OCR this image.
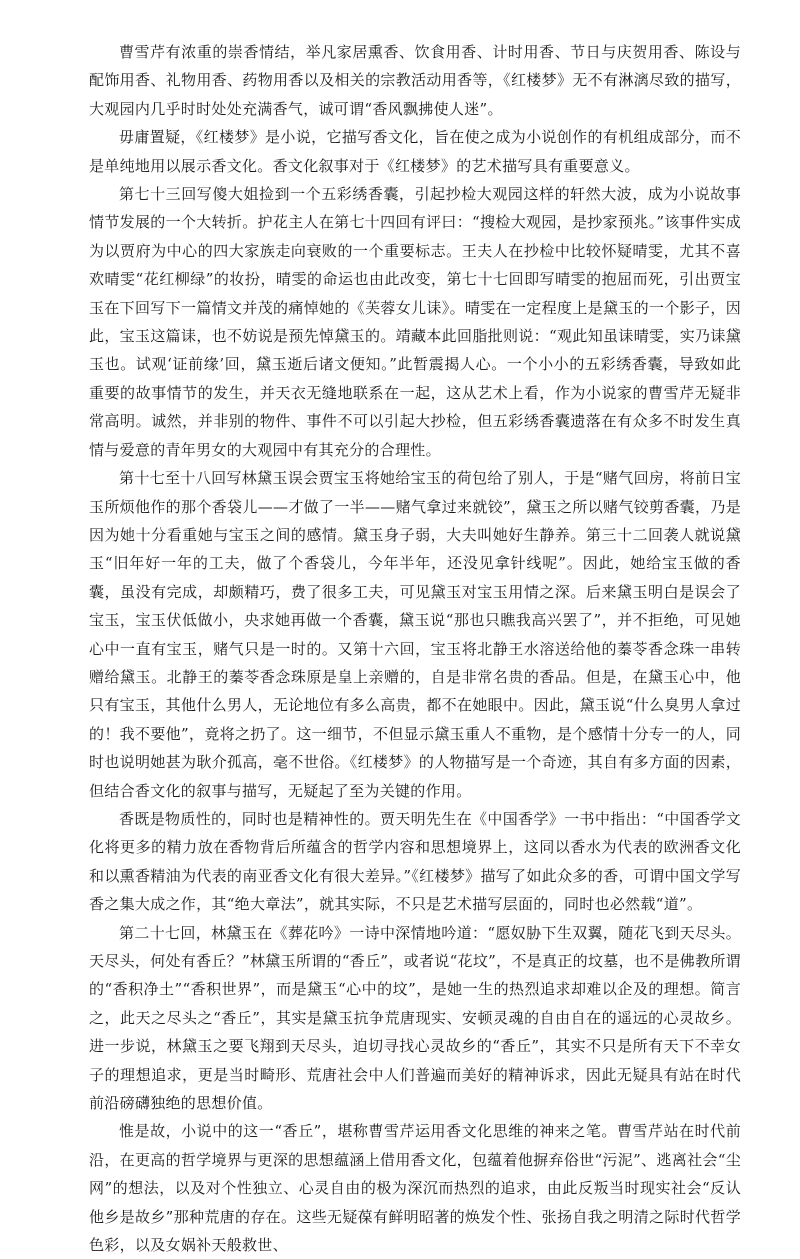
曹雪芹有浓重的崇香情结，举凡家居熏香、饮食用香、计时用香、节日与庆贺用香、陈设与配饰用香、礼物用香、药物用香以及相关的宗教活动用香等，《红楼梦》无不有淋漓尽致的描写，大观园内几乎时时处处充满香气，诚可谓“香风飘拂使人迷”。

毋庸置疑，《红楼梦》是小说，它描写香文化，旨在使之成为小说创作的有机组成部分，而不是单纯地用以展示香文化。香文化叙事对于《红楼梦》的艺术描写具有重要意义。

第七十三回写傻大姐捡到一个五彩绣香囊，引起抄检大观园这样的轩然大波，成为小说故事情节发展的一个大转折。护花主人在第七十四回有评曰：“搜检大观园，是抄家预兆。”该事件实成为以贾府为中心的四大家族走向衰败的一个重要标志。王夫人在抄检中比较怀疑晴雯，尤其不喜欢晴雯“花红柳绿”的妆扮，晴雯的命运也由此改变，第七十七回即写晴雯的抱屈而死，引出贾宝玉在下回写下一篇情文并茂的痛悼她的《芙蓉女儿诔》。晴雯在一定程度上是黛玉的一个影子，因此，宝玉这篇诔，也不妨说是预先悼黛玉的。靖藏本此回脂批则说：“观此知虽诔晴雯，实乃诔黛玉也。试观‘证前缘’回，黛玉逝后诸文便知。”此暂震揭人心。一个小小的五彩绣香囊，导致如此重要的故事情节的发生，并天衣无缝地联系在一起，这从艺术上看，作为小说家的曹雪芹无疑非常高明。诚然，并非别的物件、事件不可以引起大抄检，但五彩绣香囊遗落在有众多不时发生真情与爱意的青年男女的大观园中有其充分的合理性。

第十七至十八回写林黛玉误会贾宝玉将她给宝玉的荷包给了别人，于是“赌气回房，将前日宝玉所烦他作的那个香袋儿——才做了一半——赌气拿过来就铰”，黛玉之所以赌气铰剪香囊，乃是因为她十分看重她与宝玉之间的感情。黛玉身子弱，大夫叫她好生静养。第三十二回袭人就说黛玉“旧年好一年的工夫，做了个香袋儿，今年半年，还没见拿针线呢”。因此，她给宝玉做的香囊，虽没有完成，却颇精巧，费了很多工夫，可见黛玉对宝玉用情之深。后来黛玉明白是误会了宝玉，宝玉伏低做小，央求她再做一个香囊，黛玉说“那也只瞧我高兴罢了”，并不拒绝，可见她心中一直有宝玉，赌气只是一时的。又第十六回，宝玉将北静王水溶送给他的蓁苓香念珠一串转赠给黛玉。北静王的蓁苓香念珠原是皇上亲赠的，自是非常名贵的香品。但是，在黛玉心中，他只有宝玉，其他什么男人，无论地位有多么高贵，都不在她眼中。因此，黛玉说“什么臭男人拿过的！我不要他”，竟将之扔了。这一细节，不但显示黛玉重人不重物，是个感情十分专一的人，同时也说明她甚为耿介孤高，毫不世俗。《红楼梦》的人物描写是一个奇迹，其自有多方面的因素，但结合香文化的叙事与描写，无疑起了至为关键的作用。

香既是物质性的，同时也是精神性的。贾天明先生在《中国香学》一书中指出：“中国香学文化将更多的精力放在香物背后所蕴含的哲学内容和思想境界上，这同以香水为代表的欧洲香文化和以熏香精油为代表的南亚香文化有很大差异。”《红楼梦》描写了如此众多的香，可谓中国文学写香之集大成之作，其“绝大章法”，就其实际，不只是艺术描写层面的，同时也必然载“道”。

第二十七回，林黛玉在《葬花吟》一诗中深情地吟道：“愿奴胁下生双翼，随花飞到天尽头。天尽头，何处有香丘？”林黛玉所谓的“香丘”，或者说“花坟”，不是真正的坟墓，也不是佛教所谓的“香积净土”“香积世界”，而是黛玉“心中的坟”，是她一生的热烈追求却难以企及的理想。简言之，此天之尽头之“香丘”，其实是黛玉抗争荒唐现实、安顿灵魂的自由自在的遥远的心灵故乡。进一步说，林黛玉之要飞翔到天尽头，迫切寻找心灵故乡的“香丘”，其实不只是所有天下不幸女子的理想追求，更是当时畸形、荒唐社会中人们普遍而美好的精神诉求，因此无疑具有站在时代前沿磅礴独绝的思想价值。

惟是故，小说中的这一“香丘”，堪称曹雪芹运用香文化思维的神来之笔。曹雪芹站在时代前沿，在更高的哲学境界与更深的思想蕴涵上借用香文化，包蕴着他摒弃俗世“污泥”、逃离社会“尘网”的想法，以及对个性独立、心灵自由的极为深沉而热烈的追求，由此反叛当时现实社会“反认他乡是故乡”那种荒唐的存在。这些无疑葆有鲜明昭著的焕发个性、张扬自我之明清之际时代哲学色彩，以及女娲补天般救世、
